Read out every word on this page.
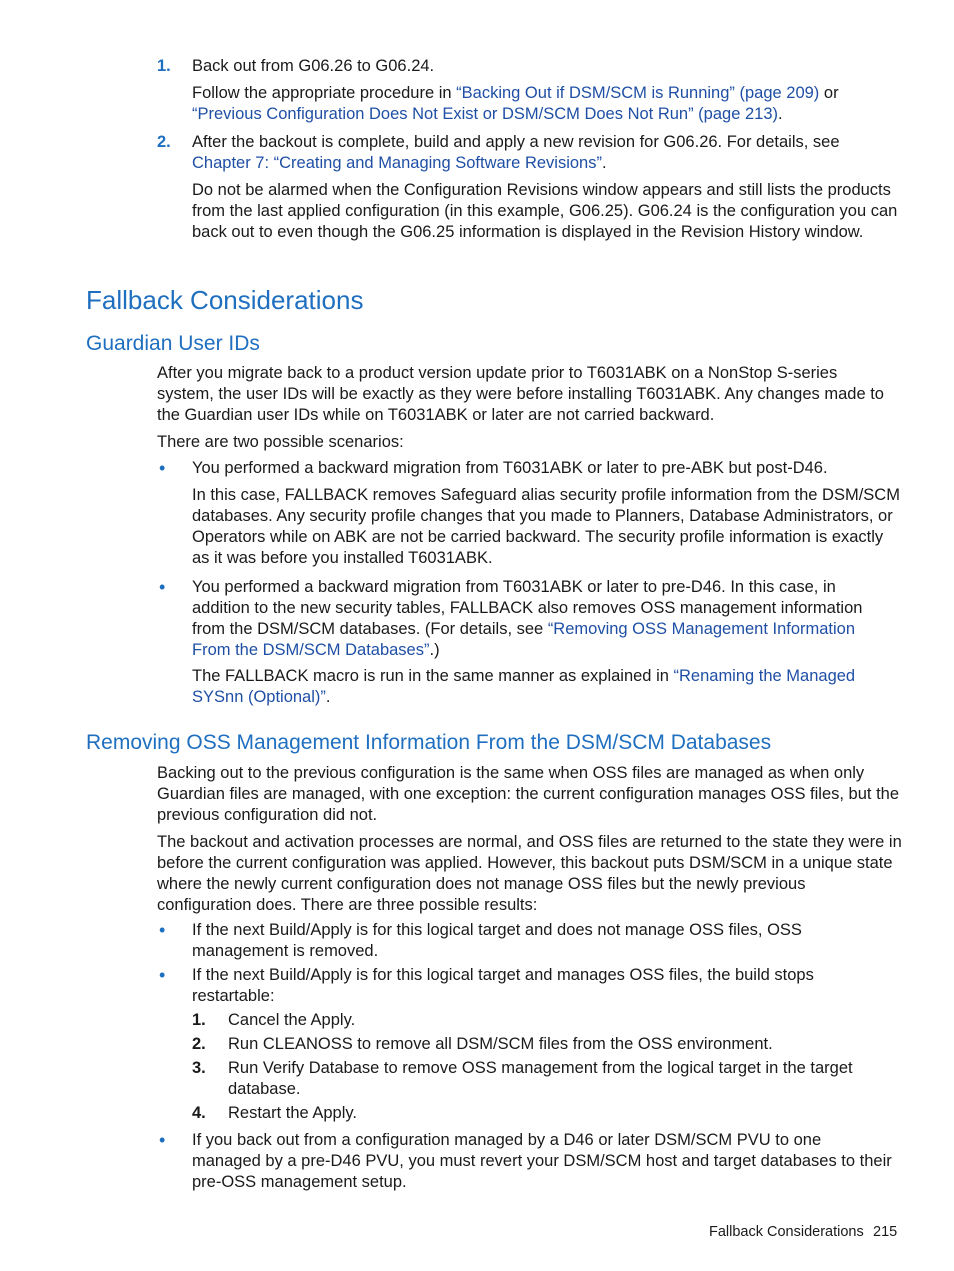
1. Back out from G06.26 to G06.24.
Follow the appropriate procedure in “Backing Out if DSM/SCM is Running” (page 209) or
“Previous Configuration Does Not Exist or DSM/SCM Does Not Run” (page 213).
2. After the backout is complete, build and apply a new revision for G06.26. For details, see
Chapter 7: “Creating and Managing Software Revisions”.
Do not be alarmed when the Configuration Revisions window appears and still lists the products from the last applied configuration (in this example, G06.25). G06.24 is the configuration you can back out to even though the G06.25 information is displayed in the Revision History window.
Fallback Considerations
Guardian User IDs
After you migrate back to a product version update prior to T6031ABK on a NonStop S-series system, the user IDs will be exactly as they were before installing T6031ABK. Any changes made to the Guardian user IDs while on T6031ABK or later are not carried backward.
There are two possible scenarios:
• You performed a backward migration from T6031ABK or later to pre-ABK but post-D46.
In this case, FALLBACK removes Safeguard alias security profile information from the DSM/SCM databases. Any security profile changes that you made to Planners, Database Administrators, or Operators while on ABK are not be carried backward. The security profile information is exactly as it was before you installed T6031ABK.
• You performed a backward migration from T6031ABK or later to pre-D46. In this case, in addition to the new security tables, FALLBACK also removes OSS management information from the DSM/SCM databases. (For details, see “Removing OSS Management Information From the DSM/SCM Databases”.)
The FALLBACK macro is run in the same manner as explained in “Renaming the Managed SYSnn (Optional)”.
Removing OSS Management Information From the DSM/SCM Databases
Backing out to the previous configuration is the same when OSS files are managed as when only Guardian files are managed, with one exception: the current configuration manages OSS files, but the previous configuration did not.
The backout and activation processes are normal, and OSS files are returned to the state they were in before the current configuration was applied. However, this backout puts DSM/SCM in a unique state where the newly current configuration does not manage OSS files but the newly previous configuration does. There are three possible results:
• If the next Build/Apply is for this logical target and does not manage OSS files, OSS management is removed.
• If the next Build/Apply is for this logical target and manages OSS files, the build stops restartable:
1. Cancel the Apply.
2. Run CLEANOSS to remove all DSM/SCM files from the OSS environment.
3. Run Verify Database to remove OSS management from the logical target in the target database.
4. Restart the Apply.
• If you back out from a configuration managed by a D46 or later DSM/SCM PVU to one managed by a pre-D46 PVU, you must revert your DSM/SCM host and target databases to their pre-OSS management setup.
Fallback Considerations 215
